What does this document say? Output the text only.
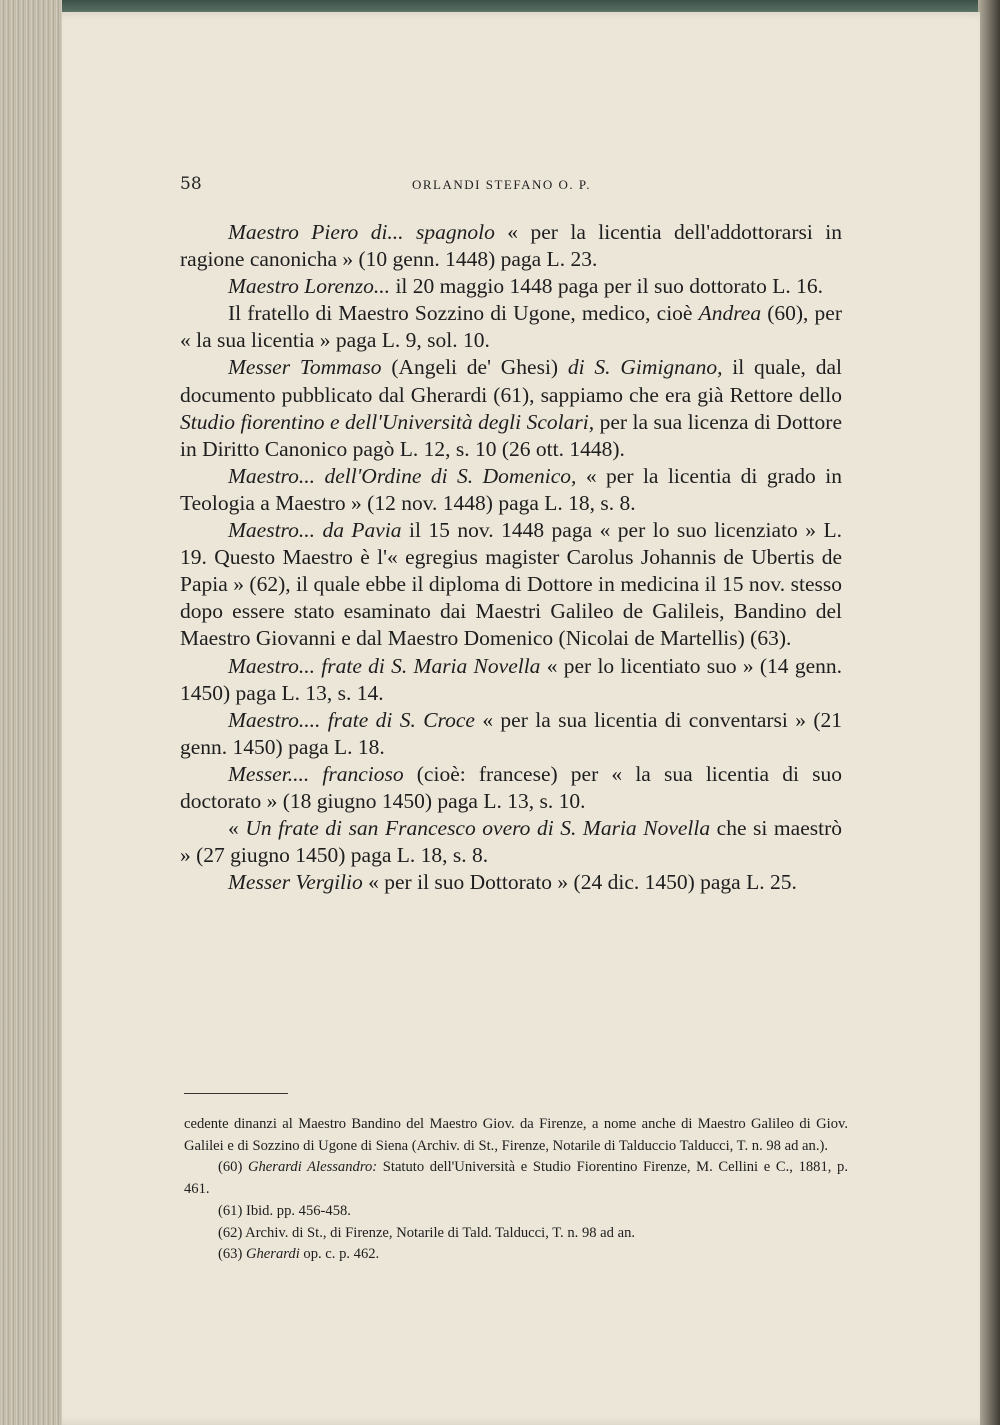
58	ORLANDI STEFANO O. P.

Maestro Piero di... spagnolo « per la licentia dell'addottorarsi in ragione canonicha » (10 genn. 1448) paga L. 23.

Maestro Lorenzo... il 20 maggio 1448 paga per il suo dottorato L. 16.

Il fratello di Maestro Sozzino di Ugone, medico, cioè Andrea (60), per « la sua licentia » paga L. 9, sol. 10.

Messer Tommaso (Angeli de' Ghesi) di S. Gimignano, il quale, dal documento pubblicato dal Gherardi (61), sappiamo che era già Rettore dello Studio fiorentino e dell'Università degli Scolari, per la sua licenza di Dottore in Diritto Canonico pagò L. 12, s. 10 (26 ott. 1448).

Maestro... dell'Ordine di S. Domenico, « per la licentia di grado in Teologia a Maestro » (12 nov. 1448) paga L. 18, s. 8.

Maestro... da Pavia il 15 nov. 1448 paga « per lo suo licenziato » L. 19. Questo Maestro è l'« egregius magister Carolus Johannis de Ubertis de Papia » (62), il quale ebbe il diploma di Dottore in medicina il 15 nov. stesso dopo essere stato esaminato dai Maestri Galileo de Galileis, Bandino del Maestro Giovanni e dal Maestro Domenico (Nicolai de Martellis) (63).

Maestro... frate di S. Maria Novella « per lo licentiato suo » (14 genn. 1450) paga L. 13, s. 14.

Maestro.... frate di S. Croce « per la sua licentia di conventarsi » (21 genn. 1450) paga L. 18.

Messer.... francioso (cioè: francese) per « la sua licentia di suo doctorato » (18 giugno 1450) paga L. 13, s. 10.

« Un frate di san Francesco overo di S. Maria Novella che si maestrò » (27 giugno 1450) paga L. 18, s. 8.

Messer Vergilio « per il suo Dottorato » (24 dic. 1450) paga L. 25.

cedente dinanzi al Maestro Bandino del Maestro Giov. da Firenze, a nome anche di Maestro Galileo di Giov. Galilei e di Sozzino di Ugone di Siena (Archiv. di St., Firenze, Notarile di Talduccio Talducci, T. n. 98 ad an.).

(60) Gherardi Alessandro: Statuto dell'Università e Studio Fiorentino Firenze, M. Cellini e C., 1881, p. 461.

(61) Ibid. pp. 456-458.

(62) Archiv. di St., di Firenze, Notarile di Tald. Talducci, T. n. 98 ad an.

(63) Gherardi op. c. p. 462.
